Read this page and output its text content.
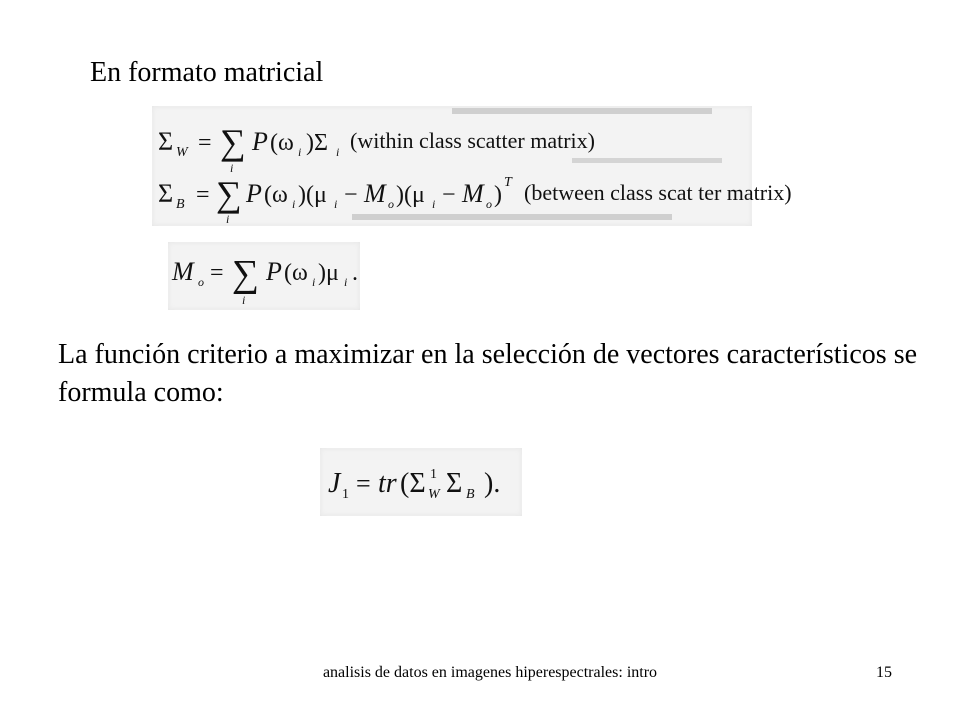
En formato matricial
Σ W = ∑
i
P (ω i )Σ i (within class scatter matrix)
Σ B = ∑
i
P (ω i )(μ i − M o )(μ i − M o ) T (between class scat ter matrix)
M o = ∑
i
P (ω i )μ i .
La función criterio a maximizar en la selección de vectores característicos se formula como:
J 1 = tr (Σ 1
W Σ B ).
analisis de datos en imagenes hiperespectrales: intro	15
